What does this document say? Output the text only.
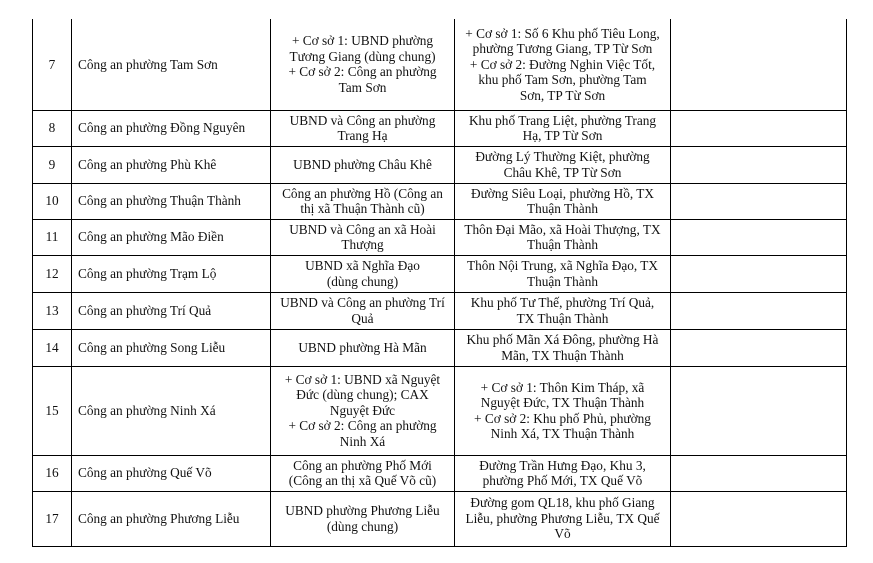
7	Công an phường Tam Sơn	+ Cơ sở 1: UBND phường
Tương Giang (dùng chung)
+ Cơ sở 2: Công an phường
Tam Sơn	+ Cơ sở 1: Số 6 Khu phố Tiêu Long,
phường Tương Giang, TP Từ Sơn
+ Cơ sở 2: Đường Nghin Việc Tốt,
khu phố Tam Sơn, phường Tam
Sơn, TP Từ Sơn	

8	Công an phường Đồng Nguyên	UBND và Công an phường
Trang Hạ	Khu phố Trang Liệt, phường Trang
Hạ, TP Từ Sơn	

9	Công an phường Phù Khê	UBND phường Châu Khê	Đường Lý Thường Kiệt, phường
Châu Khê, TP Từ Sơn	

10	Công an phường Thuận Thành	Công an phường Hồ (Công an
thị xã Thuận Thành cũ)	Đường Siêu Loại, phường Hồ, TX
Thuận Thành	

11	Công an phường Mão Điền	UBND và Công an xã Hoài
Thượng	Thôn Đại Mão, xã Hoài Thượng, TX
Thuận Thành	

12	Công an phường Trạm Lộ	UBND xã Nghĩa Đạo
(dùng chung)	Thôn Nội Trung, xã Nghĩa Đạo, TX
Thuận Thành	

13	Công an phường Trí Quả	UBND và Công an phường Trí
Quả	Khu phố Tư Thế, phường Trí Quả,
TX Thuận Thành	

14	Công an phường Song Liễu	UBND phường Hà Mãn	Khu phố Mãn Xá Đông, phường Hà
Mãn, TX Thuận Thành	

15	Công an phường Ninh Xá	+ Cơ sở 1: UBND xã Nguyệt
Đức (dùng chung); CAX
Nguyệt Đức
+ Cơ sở 2: Công an phường
Ninh Xá	+ Cơ sở 1: Thôn Kim Tháp, xã
Nguyệt Đức, TX Thuận Thành
+ Cơ sở 2: Khu phố Phủ, phường
Ninh Xá, TX Thuận Thành	

16	Công an phường Quế Võ	Công an phường Phố Mới
(Công an thị xã Quế Võ cũ)	Đường Trần Hưng Đạo, Khu 3,
phường Phố Mới, TX Quế Võ	

17	Công an phường Phương Liễu	UBND phường Phương Liễu
(dùng chung)	Đường gom QL18, khu phố Giang
Liễu, phường Phương Liễu, TX Quế
Võ	
